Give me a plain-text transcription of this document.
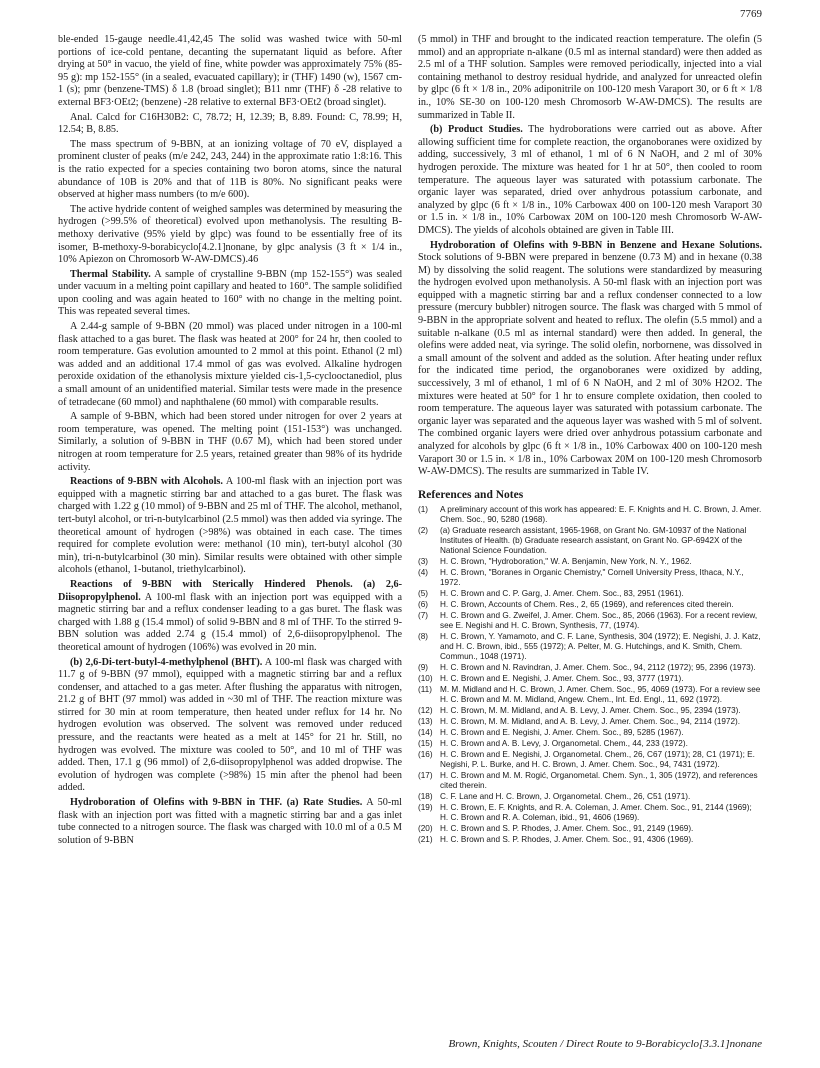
7769

ble-ended 15-gauge needle.41,42,45 The solid was washed twice with 50-ml portions of ice-cold pentane, decanting the supernatant liquid as before. After drying at 50° in vacuo, the yield of fine, white powder was approximately 75% (85-95 g): mp 152-155° (in a sealed, evacuated capillary); ir (THF) 1490 (w), 1567 cm-1 (s); pmr (benzene-TMS) δ 1.8 (broad singlet); B11 nmr (THF) δ -28 relative to external BF3·OEt2; (benzene) -28 relative to external BF3·OEt2 (broad singlet).

Anal. Calcd for C16H30B2: C, 78.72; H, 12.39; B, 8.89. Found: C, 78.99; H, 12.54; B, 8.85.

The mass spectrum of 9-BBN, at an ionizing voltage of 70 eV, displayed a prominent cluster of peaks (m/e 242, 243, 244) in the approximate ratio 1:8:16. This is the ratio expected for a species containing two boron atoms, since the natural abundance of 10B is 20% and that of 11B is 80%. No significant peaks were observed at higher mass numbers (to m/e 600).

The active hydride content of weighed samples was determined by measuring the hydrogen (>99.5% of theoretical) evolved upon methanolysis. The resulting B-methoxy derivative (95% yield by glpc) was found to be essentially free of its isomer, B-methoxy-9-borabicyclo[4.2.1]nonane, by glpc analysis (3 ft × 1/4 in., 10% Apiezon on Chromosorb W-AW-DMCS).46

Thermal Stability. A sample of crystalline 9-BBN (mp 152-155°) was sealed under vacuum in a melting point capillary and heated to 160°. The sample solidified upon cooling and was again heated to 160° with no change in the melting point. This was repeated several times.

A 2.44-g sample of 9-BBN (20 mmol) was placed under nitrogen in a 100-ml flask attached to a gas buret. The flask was heated at 200° for 24 hr, then cooled to room temperature. Gas evolution amounted to 2 mmol at this point. Ethanol (2 ml) was added and an additional 17.4 mmol of gas was evolved. Alkaline hydrogen peroxide oxidation of the ethanolysis mixture yielded cis-1,5-cyclooctanediol, plus a small amount of an unidentified material. Similar tests were made in the presence of tetradecane (60 mmol) and naphthalene (60 mmol) with comparable results.

A sample of 9-BBN, which had been stored under nitrogen for over 2 years at room temperature, was opened. The melting point (151-153°) was unchanged. Similarly, a solution of 9-BBN in THF (0.67 M), which had been stored under nitrogen at room temperature for 2.5 years, retained greater than 98% of its hydride activity.

Reactions of 9-BBN with Alcohols. A 100-ml flask with an injection port was equipped with a magnetic stirring bar and attached to a gas buret. The flask was charged with 1.22 g (10 mmol) of 9-BBN and 25 ml of THF. The alcohol, methanol, tert-butyl alcohol, or tri-n-butylcarbinol (2.5 mmol) was then added via syringe. The theoretical amount of hydrogen (>98%) was obtained in each case. The times required for complete evolution were: methanol (10 min), tert-butyl alcohol (30 min), tri-n-butylcarbinol (30 min). Similar results were obtained with other simple alcohols (ethanol, 1-butanol, triethylcarbinol).

Reactions of 9-BBN with Sterically Hindered Phenols. (a) 2,6-Diisopropylphenol. A 100-ml flask with an injection port was equipped with a magnetic stirring bar and a reflux condenser leading to a gas buret. The flask was charged with 1.88 g (15.4 mmol) of solid 9-BBN and 8 ml of THF. To the stirred 9-BBN solution was added 2.74 g (15.4 mmol) of 2,6-diisopropylphenol. The theoretical amount of hydrogen (106%) was evolved in 20 min.

(b) 2,6-Di-tert-butyl-4-methylphenol (BHT). A 100-ml flask was charged with 11.7 g of 9-BBN (97 mmol), equipped with a magnetic stirring bar and a reflux condenser, and attached to a gas meter. After flushing the apparatus with nitrogen, 21.2 g of BHT (97 mmol) was added in ~30 ml of THF. The reaction mixture was stirred for 30 min at room temperature, then heated under reflux for 14 hr. No hydrogen evolution was observed. The solvent was removed under reduced pressure, and the reactants were heated as a melt at 145° for 21 hr. Still, no hydrogen was evolved. The mixture was cooled to 50°, and 10 ml of THF was added. Then, 17.1 g (96 mmol) of 2,6-diisopropylphenol was added dropwise. The evolution of hydrogen was complete (>98%) 15 min after the phenol had been added.

Hydroboration of Olefins with 9-BBN in THF. (a) Rate Studies. A 50-ml flask with an injection port was fitted with a magnetic stirring bar and a gas inlet tube connected to a nitrogen source. The flask was charged with 10.0 ml of a 0.5 M solution of 9-BBN

(5 mmol) in THF and brought to the indicated reaction temperature. The olefin (5 mmol) and an appropriate n-alkane (0.5 ml as internal standard) were then added as 2.5 ml of a THF solution. Samples were removed periodically, injected into a vial containing methanol to destroy residual hydride, and analyzed for unreacted olefin by glpc (6 ft × 1/8 in., 20% adiponitrile on 100-120 mesh Varaport 30, or 6 ft × 1/8 in., 10% SE-30 on 100-120 mesh Chromosorb W-AW-DMCS). The results are summarized in Table II.

(b) Product Studies. The hydroborations were carried out as above. After allowing sufficient time for complete reaction, the organoboranes were oxidized by adding, successively, 3 ml of ethanol, 1 ml of 6 N NaOH, and 2 ml of 30% hydrogen peroxide. The mixture was heated for 1 hr at 50°, then cooled to room temperature. The aqueous layer was saturated with potassium carbonate. The organic layer was separated, dried over anhydrous potassium carbonate, and analyzed by glpc (6 ft × 1/8 in., 10% Carbowax 400 on 100-120 mesh Varaport 30 or 1.5 in. × 1/8 in., 10% Carbowax 20M on 100-120 mesh Chromosorb W-AW-DMCS). The yields of alcohols obtained are given in Table III.

Hydroboration of Olefins with 9-BBN in Benzene and Hexane Solutions. Stock solutions of 9-BBN were prepared in benzene (0.73 M) and in hexane (0.38 M) by dissolving the solid reagent. The solutions were standardized by measuring the hydrogen evolved upon methanolysis. A 50-ml flask with an injection port was equipped with a magnetic stirring bar and a reflux condenser connected to a low pressure (mercury bubbler) nitrogen source. The flask was charged with 5 mmol of 9-BBN in the appropriate solvent and heated to reflux. The olefin (5.5 mmol) and a suitable n-alkane (0.5 ml as internal standard) were then added. In general, the olefins were added neat, via syringe. The solid olefin, norbornene, was dissolved in a small amount of the solvent and added as the solution. After heating under reflux for the indicated time period, the organoboranes were oxidized by adding, successively, 3 ml of ethanol, 1 ml of 6 N NaOH, and 2 ml of 30% H2O2. The mixtures were heated at 50° for 1 hr to ensure complete oxidation, then cooled to room temperature. The aqueous layer was saturated with potassium carbonate. The organic layer was separated and the aqueous layer was washed with 5 ml of solvent. The combined organic layers were dried over anhydrous potassium carbonate and analyzed for alcohols by glpc (6 ft × 1/8 in., 10% Carbowax 400 on 100-120 mesh Varaport 30 or 1.5 in. × 1/8 in., 10% Carbowax 20M on 100-120 mesh Chromosorb W-AW-DMCS). The results are summarized in Table IV.

References and Notes
(1) A preliminary account of this work has appeared: E. F. Knights and H. C. Brown, J. Amer. Chem. Soc., 90, 5280 (1968).
(2) (a) Graduate research assistant, 1965-1968, on Grant No. GM-10937 of the National Institutes of Health. (b) Graduate research assistant, on Grant No. GP-6942X of the National Science Foundation.
(3) H. C. Brown, "Hydroboration," W. A. Benjamin, New York, N. Y., 1962.
(4) H. C. Brown, "Boranes in Organic Chemistry," Cornell University Press, Ithaca, N.Y., 1972.
(5) H. C. Brown and C. P. Garg, J. Amer. Chem. Soc., 83, 2951 (1961).
(6) H. C. Brown, Accounts of Chem. Res., 2, 65 (1969), and references cited therein.
(7) H. C. Brown and G. Zweifel, J. Amer. Chem. Soc., 85, 2066 (1963). For a recent review, see E. Negishi and H. C. Brown, Synthesis, 77, (1974).
(8) H. C. Brown, Y. Yamamoto, and C. F. Lane, Synthesis, 304 (1972); E. Negishi, J. J. Katz, and H. C. Brown, ibid., 555 (1972); A. Pelter, M. G. Hutchings, and K. Smith, Chem. Commun., 1048 (1971).
(9) H. C. Brown and N. Ravindran, J. Amer. Chem. Soc., 94, 2112 (1972); 95, 2396 (1973).
(10) H. C. Brown and E. Negishi, J. Amer. Chem. Soc., 93, 3777 (1971).
(11) M. M. Midland and H. C. Brown, J. Amer. Chem. Soc., 95, 4069 (1973). For a review see H. C. Brown and M. M. Midland, Angew. Chem., Int. Ed. Engl., 11, 692 (1972).
(12) H. C. Brown, M. M. Midland, and A. B. Levy, J. Amer. Chem. Soc., 95, 2394 (1973).
(13) H. C. Brown, M. M. Midland, and A. B. Levy, J. Amer. Chem. Soc., 94, 2114 (1972).
(14) H. C. Brown and E. Negishi, J. Amer. Chem. Soc., 89, 5285 (1967).
(15) H. C. Brown and A. B. Levy, J. Organometal. Chem., 44, 233 (1972).
(16) H. C. Brown and E. Negishi, J. Organometal. Chem., 26, C67 (1971); 28, C1 (1971); E. Negishi, P. L. Burke, and H. C. Brown, J. Amer. Chem. Soc., 94, 7431 (1972).
(17) H. C. Brown and M. M. Rogić, Organometal. Chem. Syn., 1, 305 (1972), and references cited therein.
(18) C. F. Lane and H. C. Brown, J. Organometal. Chem., 26, C51 (1971).
(19) H. C. Brown, E. F. Knights, and R. A. Coleman, J. Amer. Chem. Soc., 91, 2144 (1969); H. C. Brown and R. A. Coleman, ibid., 91, 4606 (1969).
(20) H. C. Brown and S. P. Rhodes, J. Amer. Chem. Soc., 91, 2149 (1969).
(21) H. C. Brown and S. P. Rhodes, J. Amer. Chem. Soc., 91, 4306 (1969).
Brown, Knights, Scouten / Direct Route to 9-Borabicyclo[3.3.1]nonane
